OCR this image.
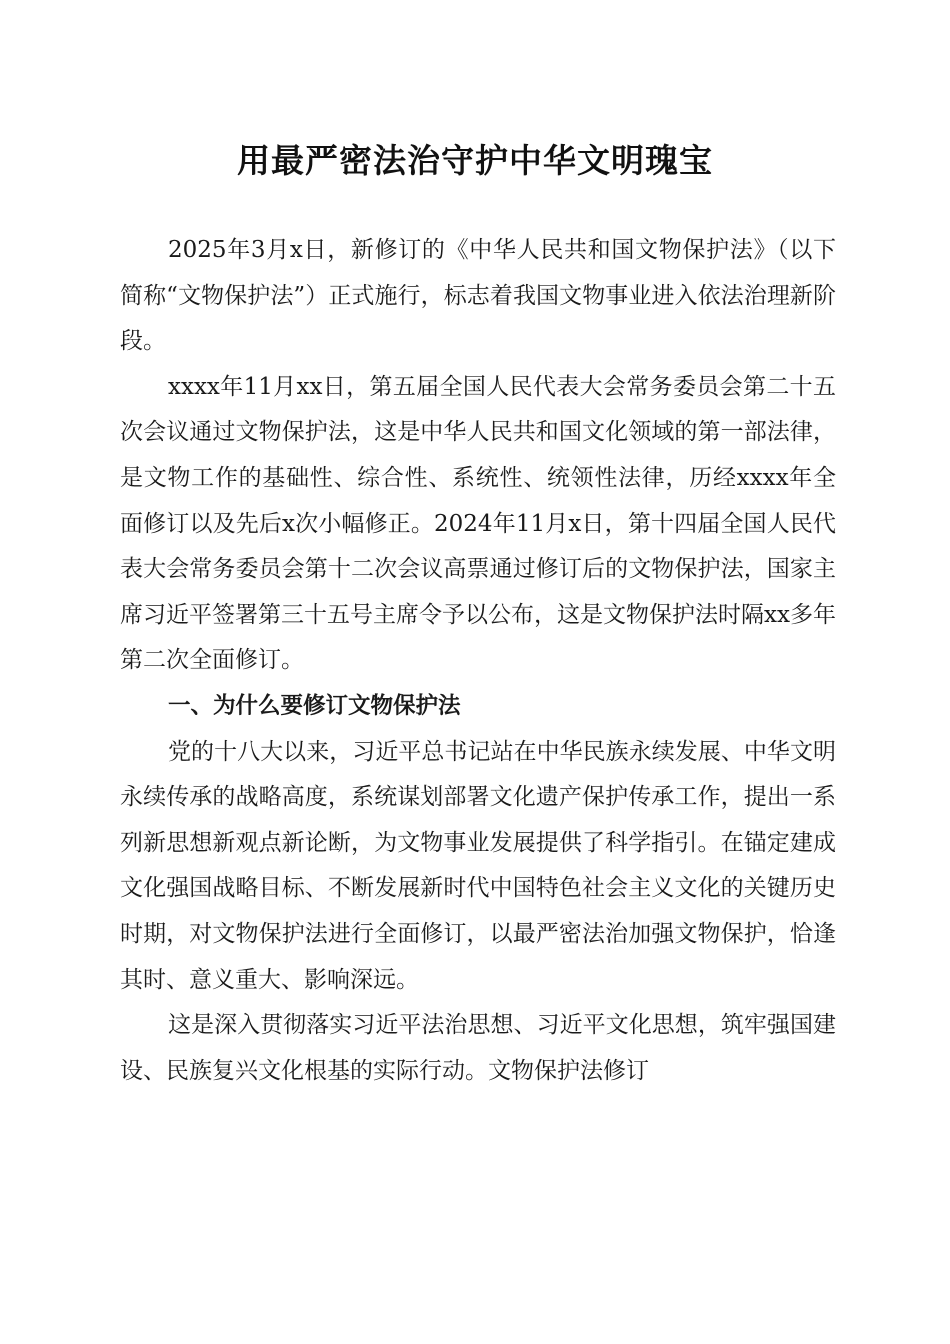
用最严密法治守护中华文明瑰宝

2025年3月x日，新修订的《中华人民共和国文物保护法》（以下简称“文物保护法”）正式施行，标志着我国文物事业进入依法治理新阶段。

xxxx年11月xx日，第五届全国人民代表大会常务委员会第二十五次会议通过文物保护法，这是中华人民共和国文化领域的第一部法律，是文物工作的基础性、综合性、系统性、统领性法律，历经xxxx年全面修订以及先后x次小幅修正。2024年11月x日，第十四届全国人民代表大会常务委员会第十二次会议高票通过修订后的文物保护法，国家主席习近平签署第三十五号主席令予以公布，这是文物保护法时隔xx多年第二次全面修订。

一、为什么要修订文物保护法

党的十八大以来，习近平总书记站在中华民族永续发展、中华文明永续传承的战略高度，系统谋划部署文化遗产保护传承工作，提出一系列新思想新观点新论断，为文物事业发展提供了科学指引。在锚定建成文化强国战略目标、不断发展新时代中国特色社会主义文化的关键历史时期，对文物保护法进行全面修订，以最严密法治加强文物保护，恰逢其时、意义重大、影响深远。

这是深入贯彻落实习近平法治思想、习近平文化思想，筑牢强国建设、民族复兴文化根基的实际行动。文物保护法修订
